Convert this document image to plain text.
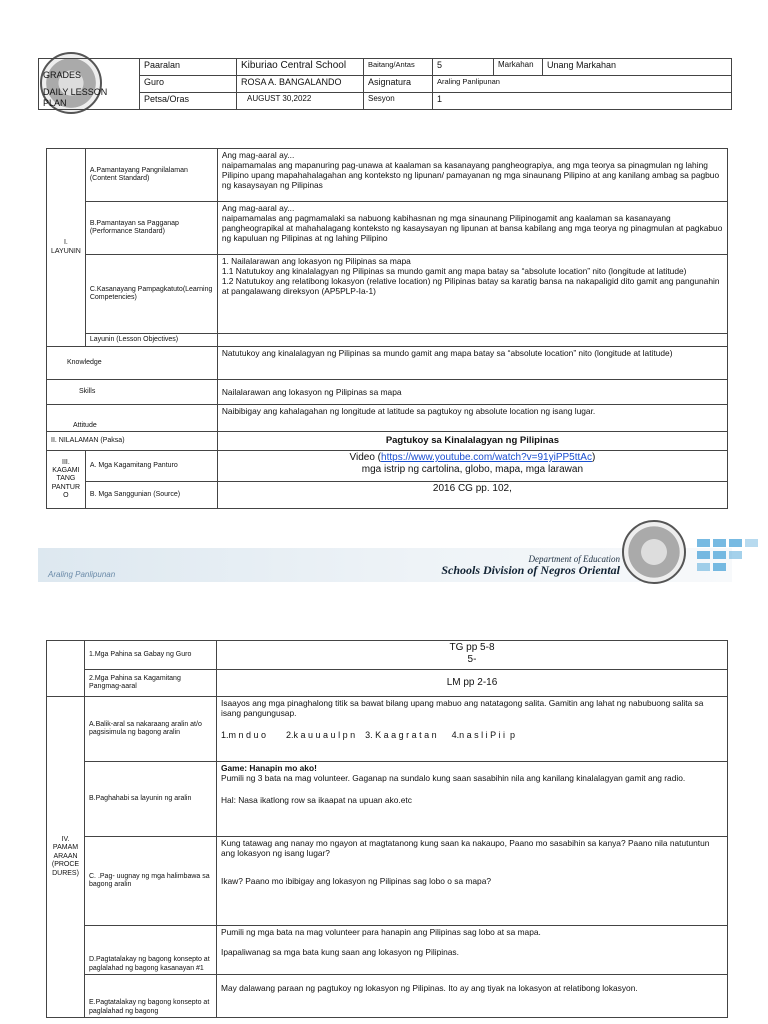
GRADES
DAILY LESSON
PLAN	Paaralan	Kiburiao Central School	Baitang/Antas	5	Markahan	Unang Markahan
	Guro	ROSA A. BANGALANDO	Asignatura	Araling Panlipunan		
	Petsa/Oras	AUGUST 30,2022	Sesyon	1		
I. LAYUNIN	A.Pamantayang Pangnilalaman (Content Standard)	Ang mag-aaral ay...
naipamamalas ang mapanuring pag-unawa at kaalaman sa kasanayang pangheograpiya, ang mga teorya sa pinagmulan ng lahing Pilipino upang mapahahalagahan ang konteksto ng lipunan/ pamayanan ng mga sinaunang Pilipino at ang kanilang ambag sa pagbuo ng kasaysayan ng Pilipinas

	B.Pamantayan sa Pagganap (Performance Standard)	Ang mag-aaral ay...
naipamamalas ang pagmamalaki sa nabuong kabihasnan ng mga sinaunang Pilipinogamit ang kaalaman sa kasanayang pangheograpikal at mahahalagang konteksto ng kasaysayan ng lipunan at bansa kabilang ang mga teorya ng pinagmulan at pagkabuo ng kapuluan ng Pilipinas at ng lahing Pilipino

	C.Kasanayang Pampagkatuto(Learning Competencies)	1. Nailalarawan ang lokasyon ng Pilipinas sa mapa
1.1 Natutukoy ang kinalalagyan ng Pilipinas sa mundo gamit ang mapa batay sa “absolute location” nito (longitude at latitude)
1.2 Natutukoy ang relatibong lokasyon (relative location) ng Pilipinas batay sa karatig bansa na nakapaligid dito gamit ang pangunahin at pangalawang direksyon (AP5PLP-Ia-1)

	Layunin (Lesson Objectives)	
Knowledge		Natutukoy ang kinalalagyan ng Pilipinas sa mundo gamit ang mapa batay sa “absolute location” nito (longitude at latitude)
Skills		Nailalarawan ang lokasyon ng Pilipinas sa mapa
Attitude		Naibibigay ang kahalagahan ng longitude at latitude sa pagtukoy ng absolute location ng isang lugar.
II. NILALAMAN (Paksa)		Pagtukoy sa Kinalalagyan ng Pilipinas
III. KAGAMI TANG PANTUR O	A. Mga Kagamitang Panturo	Video (https://www.youtube.com/watch?v=91yiPP5ttAc)
mga istrip ng cartolina, globo, mapa, mga larawan

	B. Mga Sanggunian (Source)	2016 CG pp. 102,
Araling Panlipunan
Department of Education
Schools Division of Negros Oriental
	1.Mga Pahina sa Gabay ng Guro	TG pp 5-8
5-

	2.Mga Pahina sa Kagamitang Pangmag-aaral	LM pp 2-16
IV. PAMAM ARAAN (PROCE DURES)	A.Balik-aral sa nakaraang aralin at/o pagsisimula ng bagong aralin	Isaayos ang mga pinaghalong titik sa bawat bilang upang mabuo ang natatagong salita. Gamitin ang lahat ng nabubuong salita sa isang pangungusap.
1.m n d u o        2.k a u u a u l p n    3. K a a g r a t a n      4.n a s l i P i i  p

	B.Paghahabi sa layunin ng aralin	Game: Hanapin mo ako!
Pumili ng 3 bata na mag volunteer. Gaganap na sundalo kung saan sasabihin nila ang kanilang kinalalagyan gamit ang radio.
Hal: Nasa ikatlong row sa ikaapat na upuan ako.etc

	C. .Pag- uugnay ng mga halimbawa sa bagong aralin	Kung tatawag ang nanay mo ngayon at magtatanong kung saan ka nakaupo, Paano mo sasabihin sa kanya? Paano nila natutuntun ang lokasyon ng isang lugar?
Ikaw? Paano mo ibibigay ang lokasyon ng Pilipinas sag lobo o sa mapa?

	D.Pagtatalakay ng bagong konsepto at paglalahad ng bagong kasanayan #1	Pumili ng mga bata na mag volunteer para hanapin ang Pilipinas sag lobo at sa mapa.
Ipapaliwanag sa mga bata kung saan ang lokasyon ng Pilipinas.

	E.Pagtatalakay ng bagong konsepto at paglalahad ng bagong	May dalawang paraan ng pagtukoy ng lokasyon ng Pilipinas. Ito ay ang tiyak na lokasyon at relatibong lokasyon.
